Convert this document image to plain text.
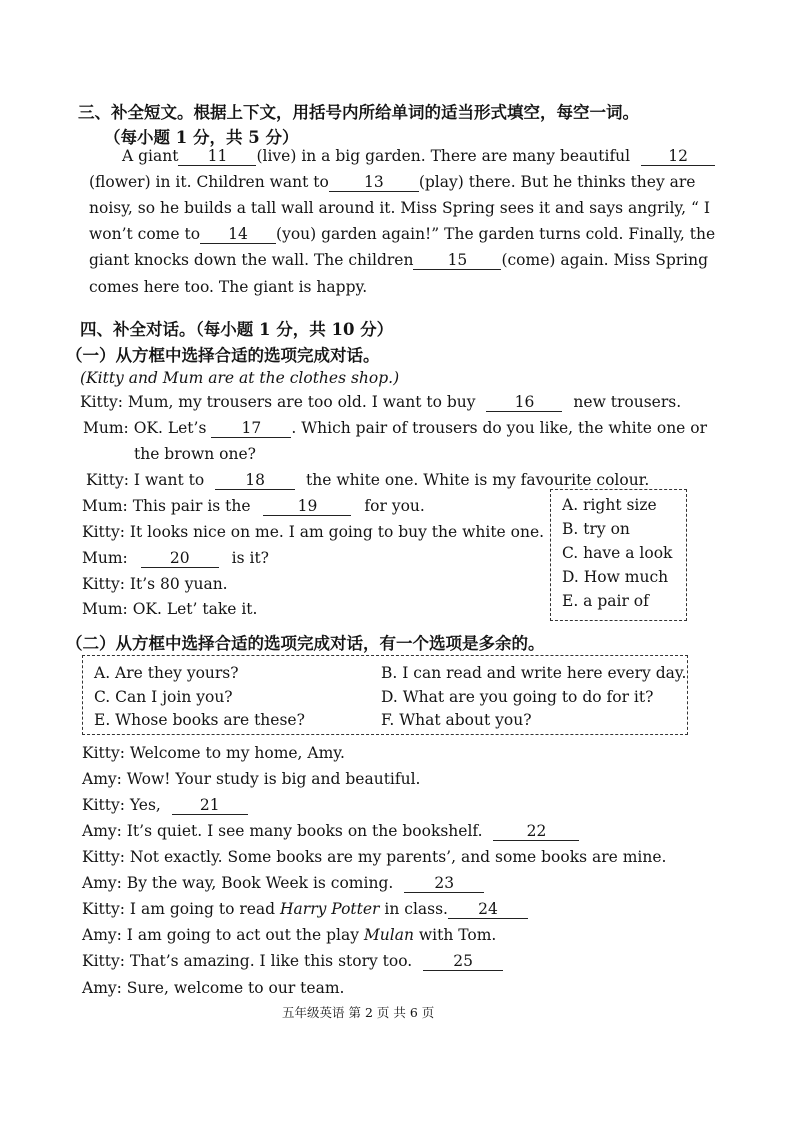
三、补全短文。根据上下文，用括号内所给单词的适当形式填空，每空一词。
（每小题 1 分，共 5 分）
A giant 11 (live) in a big garden. There are many beautiful 12
(flower) in it. Children want to 13 (play) there. But he thinks they are
noisy, so he builds a tall wall around it. Miss Spring sees it and says angrily, “ I
won’t come to 14 (you) garden again!” The garden turns cold. Finally, the
giant knocks down the wall. The children 15 (come) again. Miss Spring
comes here too. The giant is happy.
四、补全对话。（每小题 1 分，共 10 分）
（一）从方框中选择合适的选项完成对话。
(Kitty and Mum are at the clothes shop.)
Kitty: Mum, my trousers are too old. I want to buy	16	new trousers.
Mum: OK. Let’s 17 . Which pair of trousers do you like, the white one or
the brown one?
Kitty: I want to	18	the white one. White is my favourite colour.
Mum: This pair is the	19	for you.
Kitty: It looks nice on me. I am going to buy the white one.
Mum:	20	is it?
Kitty: It’s 80 yuan.
Mum: OK. Let’ take it.
A. right size
B. try on
C. have a look
D. How much
E. a pair of
（二）从方框中选择合适的选项完成对话，有一个选项是多余的。
A. Are they yours?	B. I can read and write here every day.
C. Can I join you?	D. What are you going to do for it?
E. Whose books are these?	F. What about you?
Kitty: Welcome to my home, Amy.
Amy: Wow! Your study is big and beautiful.
Kitty: Yes,	21
Amy: It’s quiet. I see many books on the bookshelf.	22
Kitty: Not exactly. Some books are my parents’, and some books are mine.
Amy: By the way, Book Week is coming.	23
Kitty: I am going to read Harry Potter in class. 24
Amy: I am going to act out the play Mulan with Tom.
Kitty: That’s amazing. I like this story too.	25
Amy: Sure, welcome to our team.
五年级英语 第 2 页 共 6 页
